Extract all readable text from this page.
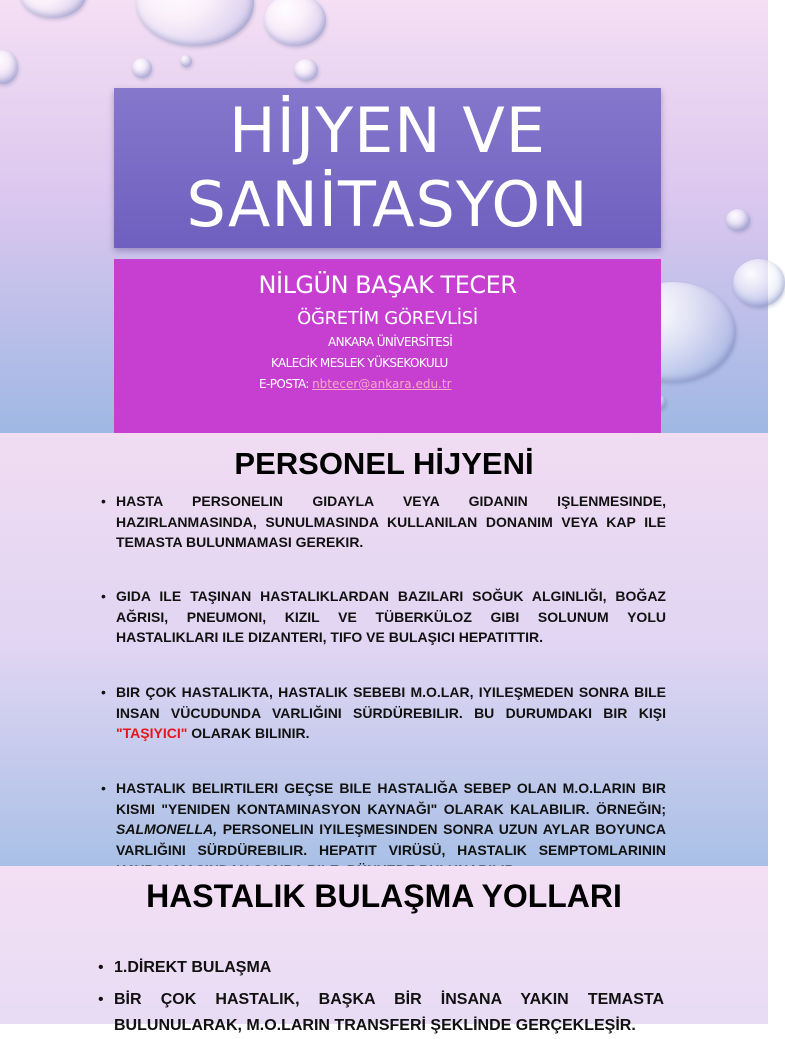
HİJYEN VE
SANİTASYON
NİLGÜN BAŞAK TECER
ÖĞRETİM GÖREVLİSİ
ANKARA ÜNİVERSİTESİ
KALECİK MESLEK YÜKSEKOKULU
E-POSTA: nbtecer@ankara.edu.tr
PERSONEL HİJYENİ
• HASTA PERSONELIN GIDAYLA VEYA GIDANIN IŞLENMESINDE, HAZIRLANMASINDA, SUNULMASINDA KULLANILAN DONANIM VEYA KAP ILE TEMASTA BULUNMAMASI GEREKIR.
• GIDA ILE TAŞINAN HASTALIKLARDAN BAZILARI SOĞUK ALGINLIĞI, BOĞAZ AĞRISI, PNEUMONI, KIZIL VE TÜBERKÜLOZ GIBI SOLUNUM YOLU HASTALIKLARI ILE DIZANTERI, TIFO VE BULAŞICI HEPATITTIR.
• BIR ÇOK HASTALIKTA, HASTALIK SEBEBI M.O.LAR, IYILEŞMEDEN SONRA BILE INSAN VÜCUDUNDA VARLIĞINI SÜRDÜREBILIR. BU DURUMDAKI BIR KIŞI "TAŞIYICI" OLARAK BILINIR.
• HASTALIK BELIRTILERI GEÇSE BILE HASTALIĞA SEBEP OLAN M.O.LARIN BIR KISMI "YENIDEN KONTAMINASYON KAYNAĞI" OLARAK KALABILIR. ÖRNEĞIN; SALMONELLA, PERSONELIN IYILEŞMESINDEN SONRA UZUN AYLAR BOYUNCA VARLIĞINI SÜRDÜREBILIR. HEPATIT VIRÜSÜ, HASTALIK SEMPTOMLARININ
HASTALIK BULAŞMA YOLLARI
• 1.DİREKT BULAŞMA
• BİR ÇOK HASTALIK, BAŞKA BİR İNSANA YAKIN TEMASTA BULUNULARAK, M.O.LARIN TRANSFERİ ŞEKLİNDE GERÇEKLEŞİR.
